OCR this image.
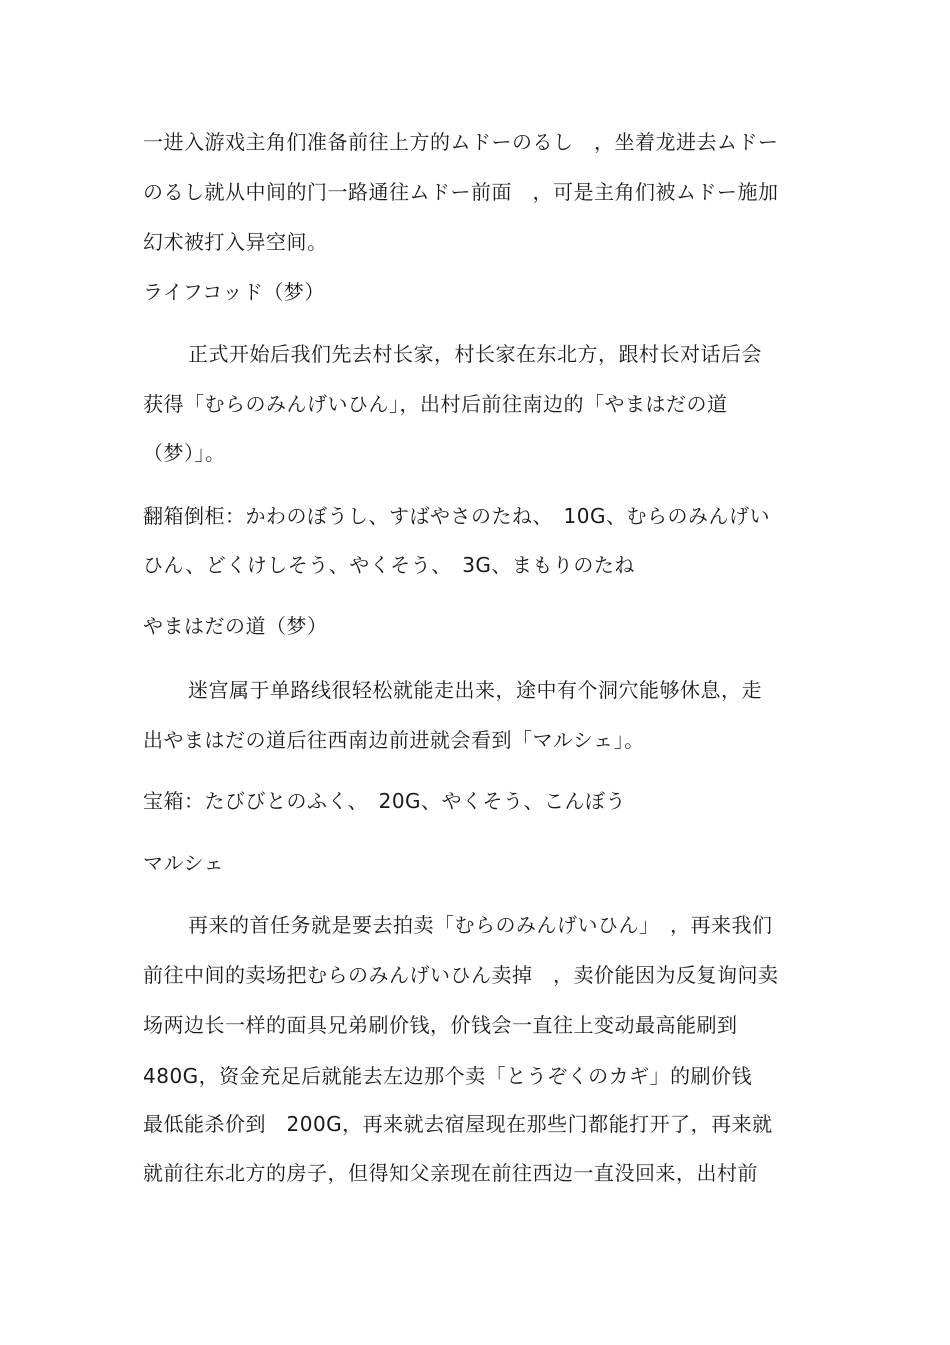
一进入游戏主角们准备前往上方的ムドーのるし　，坐着龙进去ムドー
のるし就从中间的门一路通往ムドー前面　，可是主角们被ムドー施加
幻术被打入异空间。
ライフコッド（梦）
正式开始后我们先去村长家，村长家在东北方，跟村长对话后会
获得「むらのみんげいひん」，出村后前往南边的「やまはだの道
（梦）」。
翻箱倒柜：かわのぼうし、すばやさのたね、　10G、むらのみんげい
ひん、どくけしそう、やくそう、　3G、まもりのたね
やまはだの道（梦）
迷宫属于单路线很轻松就能走出来，途中有个洞穴能够休息，走
出やまはだの道后往西南边前进就会看到「マルシェ」。
宝箱：たびびとのふく、　20G、やくそう、こんぼう
マルシェ
再来的首任务就是要去拍卖「むらのみんげいひん」　，再来我们
前往中间的卖场把むらのみんげいひん卖掉　，卖价能因为反复询问卖
场两边长一样的面具兄弟刷价钱，价钱会一直往上变动最高能刷到
480G，资金充足后就能去左边那个卖「とうぞくのカギ」的刷价钱
最低能杀价到　200G，再来就去宿屋现在那些门都能打开了，再来就
就前往东北方的房子，但得知父亲现在前往西边一直没回来，出村前
